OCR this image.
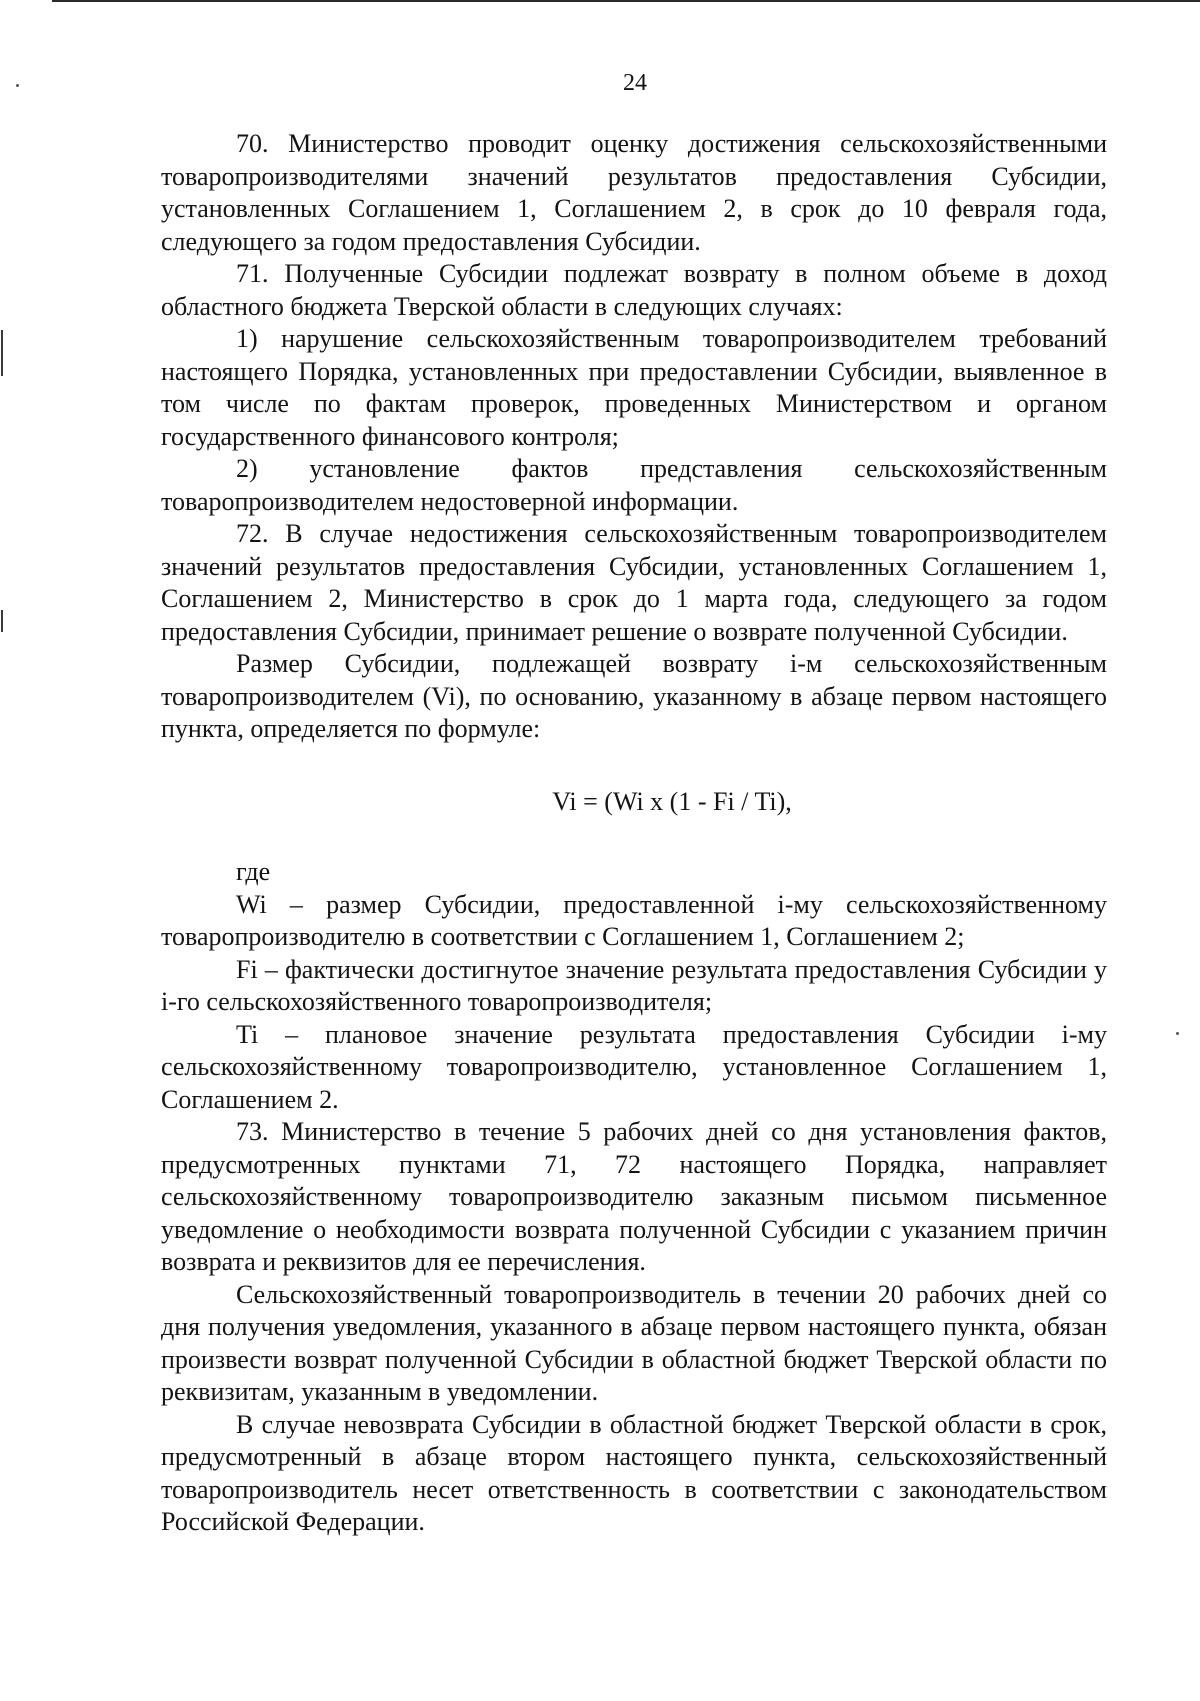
24

70. Министерство проводит оценку достижения сельскохозяйственными товаропроизводителями значений результатов предоставления Субсидии, установленных Соглашением 1, Соглашением 2, в срок до 10 февраля года, следующего за годом предоставления Субсидии.

71. Полученные Субсидии подлежат возврату в полном объеме в доход областного бюджета Тверской области в следующих случаях:

1) нарушение сельскохозяйственным товаропроизводителем требований настоящего Порядка, установленных при предоставлении Субсидии, выявленное в том числе по фактам проверок, проведенных Министерством и органом государственного финансового контроля;

2) установление фактов представления сельскохозяйственным товаропроизводителем недостоверной информации.

72. В случае недостижения сельскохозяйственным товаропроизводителем значений результатов предоставления Субсидии, установленных Соглашением 1, Соглашением 2, Министерство в срок до 1 марта года, следующего за годом предоставления Субсидии, принимает решение о возврате полученной Субсидии.

Размер Субсидии, подлежащей возврату i-м сельскохозяйственным товаропроизводителем (Vi), по основанию, указанному в абзаце первом настоящего пункта, определяется по формуле:

Vi = (Wi x (1 - Fi / Ti),

где

Wi – размер Субсидии, предоставленной i-му сельскохозяйственному товаропроизводителю в соответствии с Соглашением 1, Соглашением 2;

Fi – фактически достигнутое значение результата предоставления Субсидии у i-го сельскохозяйственного товаропроизводителя;

Ti – плановое значение результата предоставления Субсидии i-му сельскохозяйственному товаропроизводителю, установленное Соглашением 1, Соглашением 2.

73. Министерство в течение 5 рабочих дней со дня установления фактов, предусмотренных пунктами 71, 72 настоящего Порядка, направляет сельскохозяйственному товаропроизводителю заказным письмом письменное уведомление о необходимости возврата полученной Субсидии с указанием причин возврата и реквизитов для ее перечисления.

Сельскохозяйственный товаропроизводитель в течении 20 рабочих дней со дня получения уведомления, указанного в абзаце первом настоящего пункта, обязан произвести возврат полученной Субсидии в областной бюджет Тверской области по реквизитам, указанным в уведомлении.

В случае невозврата Субсидии в областной бюджет Тверской области в срок, предусмотренный в абзаце втором настоящего пункта, сельскохозяйственный товаропроизводитель несет ответственность в соответствии с законодательством Российской Федерации.
